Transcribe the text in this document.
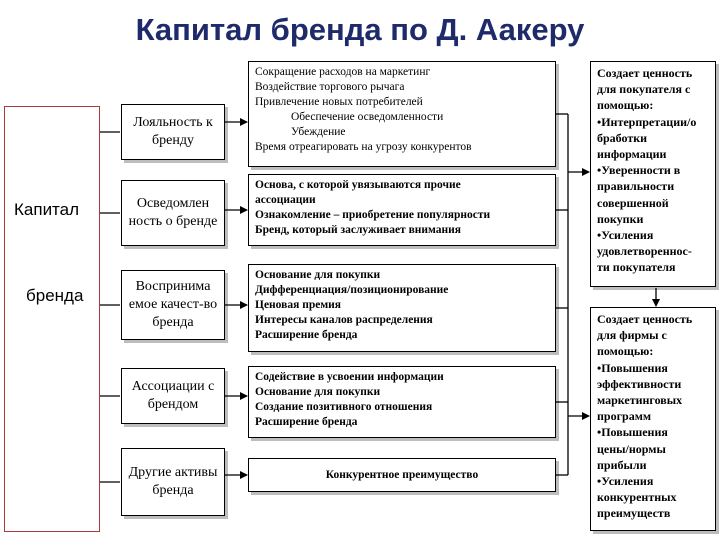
Капитал бренда по Д. Аакеру
Капитал
бренда
Лояльность к бренду
Осведомлен ность о бренде
Воспринима емое качест-во бренда
Ассоциации с брендом
Другие активы бренда
Сокращение расходов на маркетинг
Воздействие торгового рычага
Привлечение новых потребителей
Обеспечение осведомленности
Убеждение
Время отреагировать на угрозу конкурентов
Основа, с которой увязываются прочие
ассоциации
Ознакомление – приобретение популярности
Бренд, который заслуживает внимания
Основание для покупки
Дифференциация/позиционирование
Ценовая премия
Интересы каналов распределения
Расширение бренда
Содействие в усвоении информации
Основание для покупки
Создание позитивного отношения
Расширение бренда
Конкурентное преимущество
Создает ценность
для покупателя с
помощью:
•Интерпретации/о
бработки
информации
•Уверенности в
правильности
совершенной
покупки
•Усиления
удовлетвореннос-
ти покупателя
Создает ценность
для фирмы с
помощью:
•Повышения
эффективности
маркетинговых
программ
•Повышения
цены/нормы
прибыли
•Усиления
конкурентных
преимуществ
